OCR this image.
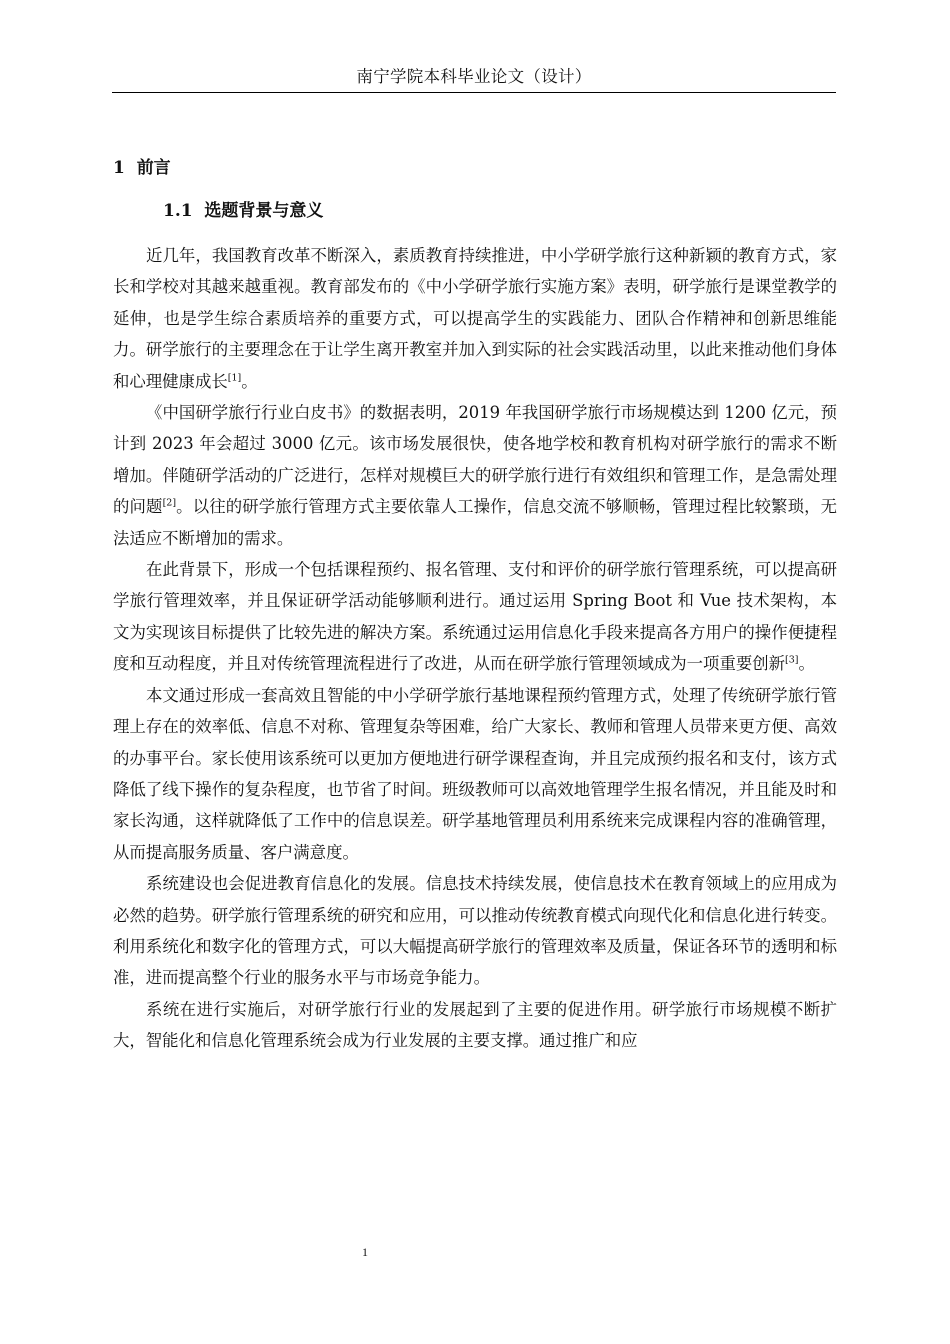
南宁学院本科毕业论文（设计）
1 前言
1.1 选题背景与意义

近几年，我国教育改革不断深入，素质教育持续推进，中小学研学旅行这种新颖的教育方式，家长和学校对其越来越重视。教育部发布的《中小学研学旅行实施方案》表明，研学旅行是课堂教学的延伸，也是学生综合素质培养的重要方式，可以提高学生的实践能力、团队合作精神和创新思维能力。研学旅行的主要理念在于让学生离开教室并加入到实际的社会实践活动里，以此来推动他们身体和心理健康成长[1]。

《中国研学旅行行业白皮书》的数据表明，2019 年我国研学旅行市场规模达到 1200 亿元，预计到 2023 年会超过 3000 亿元。该市场发展很快，使各地学校和教育机构对研学旅行的需求不断增加。伴随研学活动的广泛进行，怎样对规模巨大的研学旅行进行有效组织和管理工作，是急需处理的问题[2]。以往的研学旅行管理方式主要依靠人工操作，信息交流不够顺畅，管理过程比较繁琐，无法适应不断增加的需求。

在此背景下，形成一个包括课程预约、报名管理、支付和评价的研学旅行管理系统，可以提高研学旅行管理效率，并且保证研学活动能够顺利进行。通过运用 Spring Boot 和 Vue 技术架构，本文为实现该目标提供了比较先进的解决方案。系统通过运用信息化手段来提高各方用户的操作便捷程度和互动程度，并且对传统管理流程进行了改进，从而在研学旅行管理领域成为一项重要创新[3]。

本文通过形成一套高效且智能的中小学研学旅行基地课程预约管理方式，处理了传统研学旅行管理上存在的效率低、信息不对称、管理复杂等困难，给广大家长、教师和管理人员带来更方便、高效的办事平台。家长使用该系统可以更加方便地进行研学课程查询，并且完成预约报名和支付，该方式降低了线下操作的复杂程度，也节省了时间。班级教师可以高效地管理学生报名情况，并且能及时和家长沟通，这样就降低了工作中的信息误差。研学基地管理员利用系统来完成课程内容的准确管理，从而提高服务质量、客户满意度。

系统建设也会促进教育信息化的发展。信息技术持续发展，使信息技术在教育领域上的应用成为必然的趋势。研学旅行管理系统的研究和应用，可以推动传统教育模式向现代化和信息化进行转变。利用系统化和数字化的管理方式，可以大幅提高研学旅行的管理效率及质量，保证各环节的透明和标准，进而提高整个行业的服务水平与市场竞争能力。

系统在进行实施后，对研学旅行行业的发展起到了主要的促进作用。研学旅行市场规模不断扩大，智能化和信息化管理系统会成为行业发展的主要支撑。通过推广和应

1
